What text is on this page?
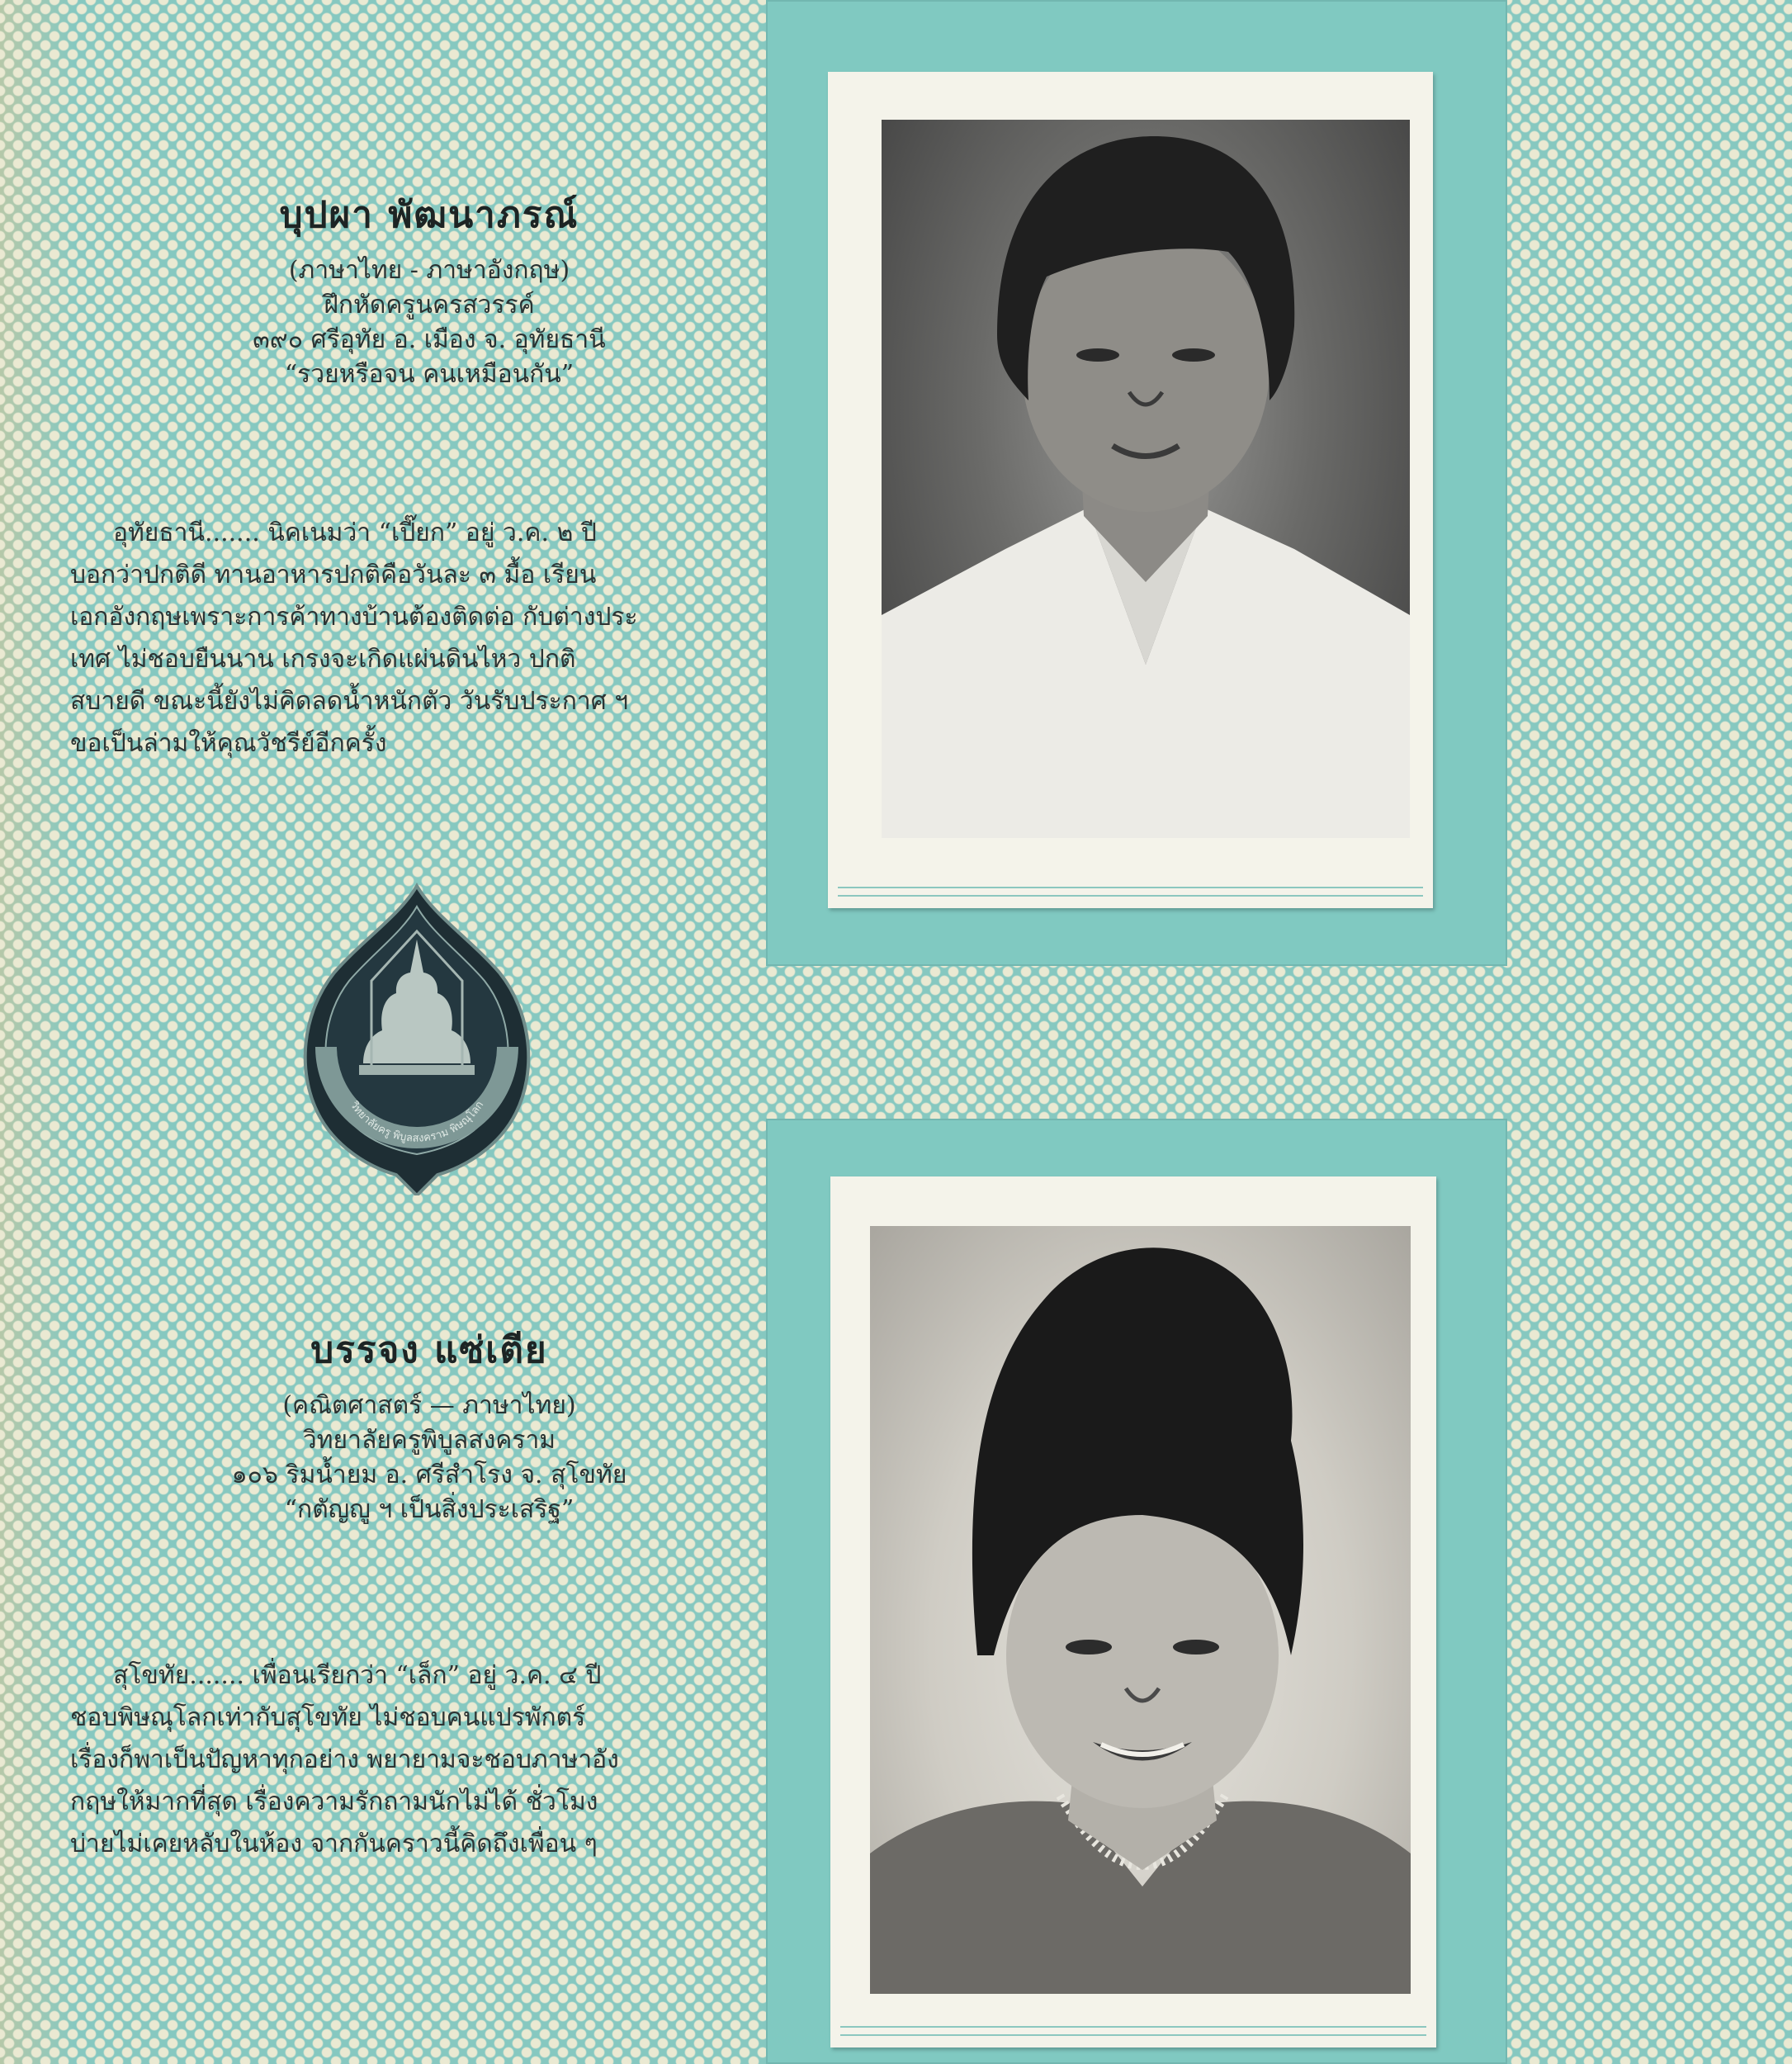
บุปผา พัฒนาภรณ์

(ภาษาไทย - ภาษาอังกฤษ)

ฝึกหัดครูนครสวรรค์

๓๙๐ ศรีอุทัย อ. เมือง จ. อุทัยธานี

“รวยหรือจน คนเหมือนกัน”

อุทัยธานี....... นิคเนมว่า “เปี๊ยก” อยู่ ว.ค. ๒ ปี
บอกว่าปกติดี ทานอาหารปกติคือวันละ ๓ มื้อ เรียน
เอกอังกฤษเพราะการค้าทางบ้านต้องติดต่อ กับต่างประ
เทศ ไม่ชอบยืนนาน เกรงจะเกิดแผ่นดินไหว ปกติ
สบายดี ขณะนี้ยังไม่คิดลดน้ำหนักตัว วันรับประกาศ ฯ
ขอเป็นล่ามให้คุณวัชรีย์อีกครั้ง
วิทยาลัยครู พิบูลสงคราม พิษณุโลก
บรรจง แซ่เตีย

(คณิตศาสตร์ — ภาษาไทย)

วิทยาลัยครูพิบูลสงคราม

๑๐๖ ริมน้ำยม อ. ศรีสำโรง จ. สุโขทัย

“กตัญญู ฯ เป็นสิ่งประเสริฐ”

สุโขทัย....... เพื่อนเรียกว่า “เล็ก” อยู่ ว.ค. ๔ ปี
ชอบพิษณุโลกเท่ากับสุโขทัย ไม่ชอบคนแปรพักตร์
เรื่องก็พาเป็นปัญหาทุกอย่าง พยายามจะชอบภาษาอัง
กฤษให้มากที่สุด เรื่องความรักถามนักไม่ได้ ชั่วโมง
บ่ายไม่เคยหลับในห้อง จากกันคราวนี้คิดถึงเพื่อน ๆ
